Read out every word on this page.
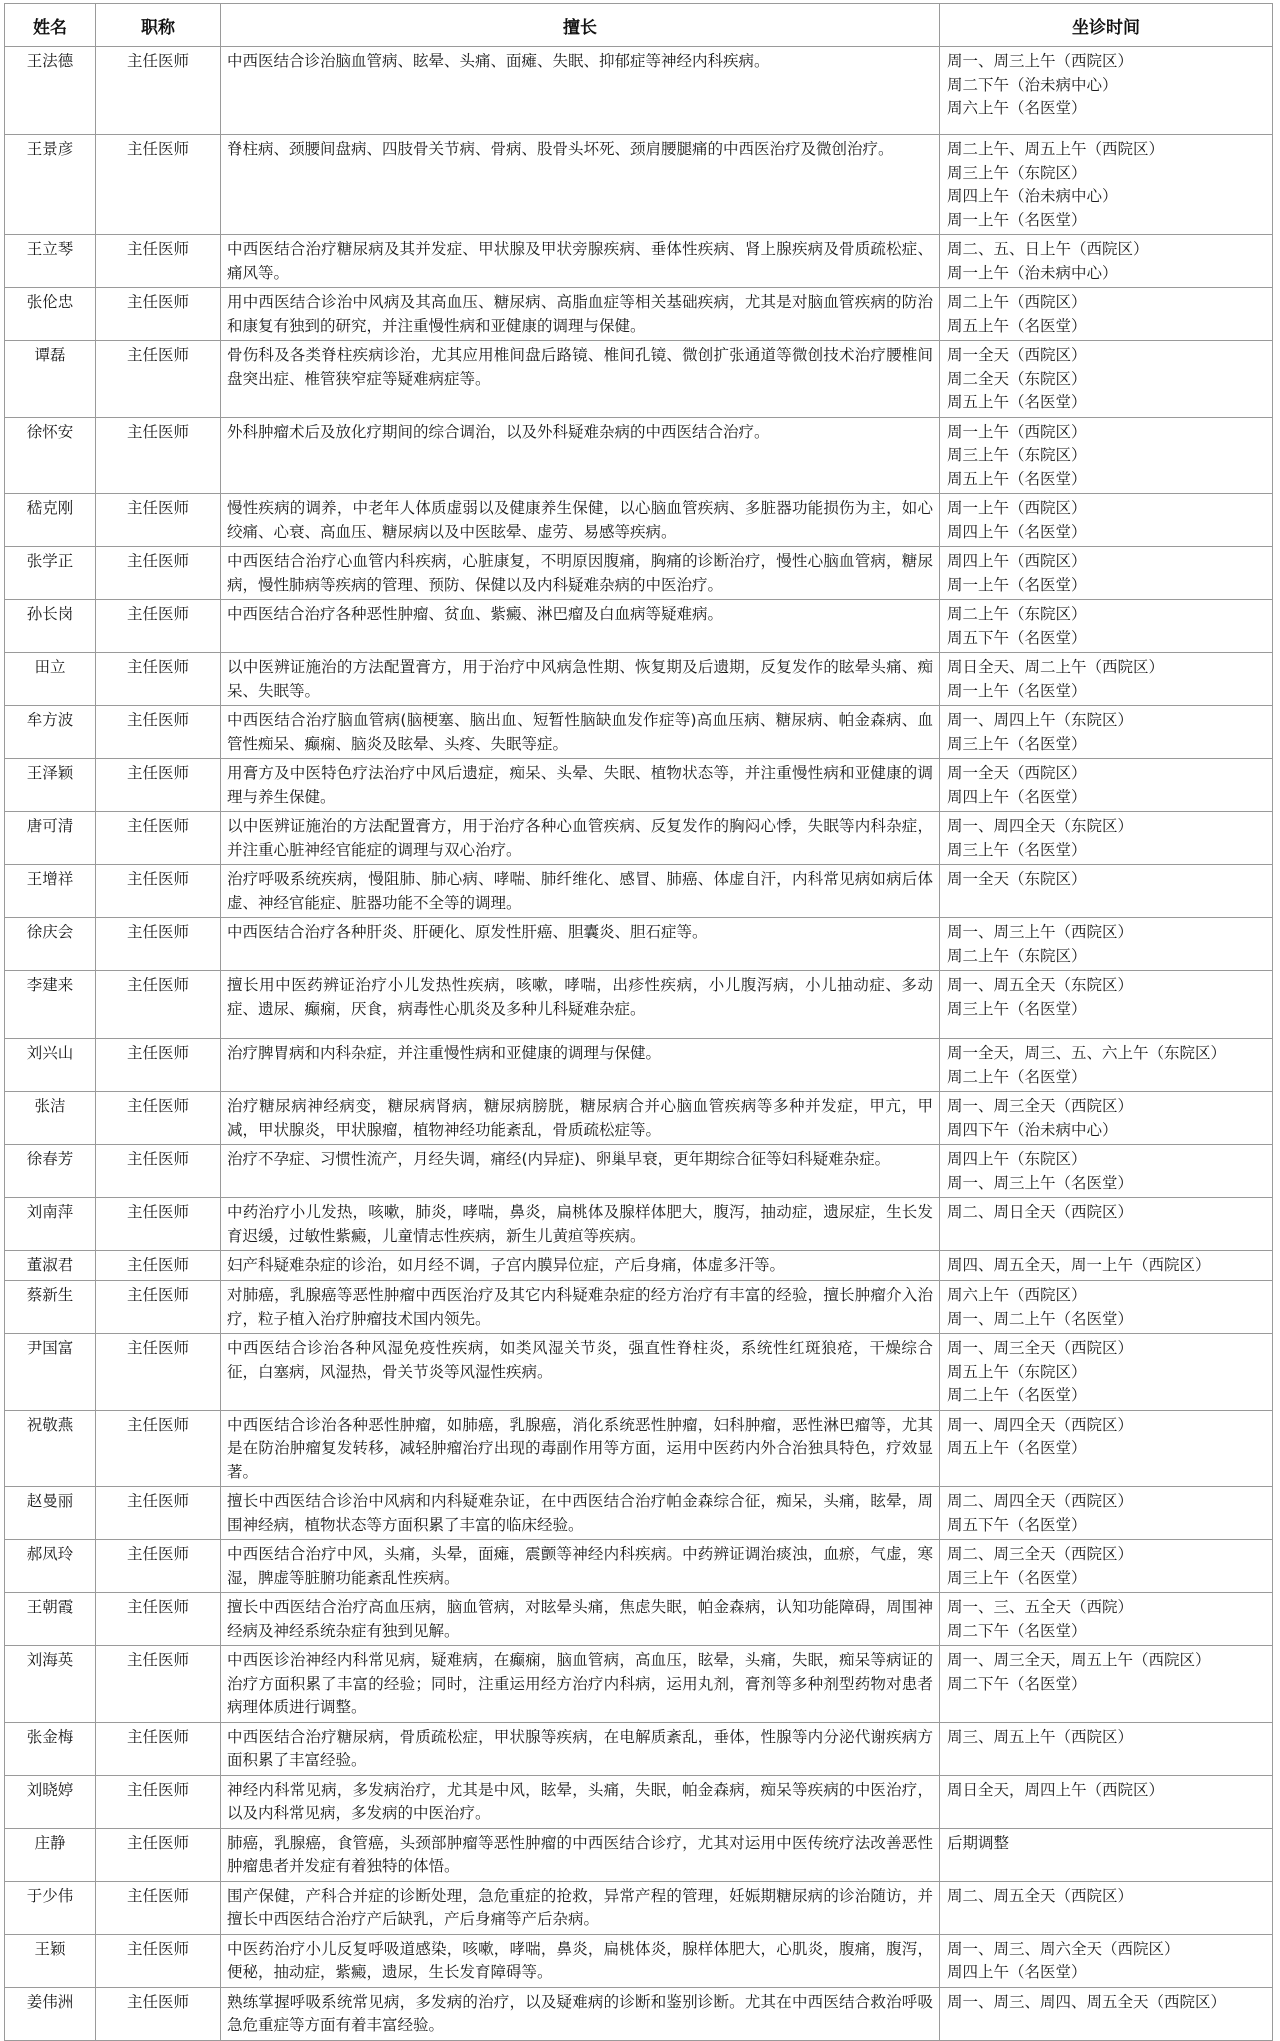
姓名	职称	擅长	坐诊时间
王法德	主任医师	中西医结合诊治脑血管病、眩晕、头痛、面瘫、失眠、抑郁症等神经内科疾病。	周一、周三上午（西院区）
周二下午（治未病中心）
周六上午（名医堂）

王景彦	主任医师	脊柱病、颈腰间盘病、四肢骨关节病、骨病、股骨头坏死、颈肩腰腿痛的中西医治疗及微创治疗。	周二上午、周五上午（西院区）
周三上午（东院区）
周四上午（治未病中心）
周一上午（名医堂）

王立琴	主任医师	中西医结合治疗糖尿病及其并发症、甲状腺及甲状旁腺疾病、垂体性疾病、肾上腺疾病及骨质疏松症、痛风等。	周二、五、日上午（西院区）
周一上午（治未病中心）

张伦忠	主任医师	用中西医结合诊治中风病及其高血压、糖尿病、高脂血症等相关基础疾病，尤其是对脑血管疾病的防治和康复有独到的研究，并注重慢性病和亚健康的调理与保健。	周二上午（西院区）
周五上午（名医堂）

谭磊	主任医师	骨伤科及各类脊柱疾病诊治，尤其应用椎间盘后路镜、椎间孔镜、微创扩张通道等微创技术治疗腰椎间盘突出症、椎管狭窄症等疑难病症等。	周一全天（西院区）
周二全天（东院区）
周五上午（名医堂）

徐怀安	主任医师	外科肿瘤术后及放化疗期间的综合调治，以及外科疑难杂病的中西医结合治疗。	周一上午（西院区）
周三上午（东院区）
周五上午（名医堂）

嵇克刚	主任医师	慢性疾病的调养，中老年人体质虚弱以及健康养生保健，以心脑血管疾病、多脏器功能损伤为主，如心绞痛、心衰、高血压、糖尿病以及中医眩晕、虚劳、易感等疾病。	周一上午（西院区）
周四上午（名医堂）

张学正	主任医师	中西医结合治疗心血管内科疾病，心脏康复，不明原因腹痛，胸痛的诊断治疗，慢性心脑血管病，糖尿病，慢性肺病等疾病的管理、预防、保健以及内科疑难杂病的中医治疗。	周四上午（西院区）
周一上午（名医堂）

孙长岗	主任医师	中西医结合治疗各种恶性肿瘤、贫血、紫癜、淋巴瘤及白血病等疑难病。	周二上午（东院区）
周五下午（名医堂）

田立	主任医师	以中医辨证施治的方法配置膏方，用于治疗中风病急性期、恢复期及后遗期，反复发作的眩晕头痛、痴呆、失眠等。	周日全天、周二上午（西院区）
周一上午（名医堂）

牟方波	主任医师	中西医结合治疗脑血管病(脑梗塞、脑出血、短暂性脑缺血发作症等)高血压病、糖尿病、帕金森病、血管性痴呆、癫痫、脑炎及眩晕、头疼、失眠等症。	周一、周四上午（东院区）
周三上午（名医堂）

王泽颖	主任医师	用膏方及中医特色疗法治疗中风后遗症，痴呆、头晕、失眠、植物状态等，并注重慢性病和亚健康的调理与养生保健。	周一全天（西院区）
周四上午（名医堂）

唐可清	主任医师	以中医辨证施治的方法配置膏方，用于治疗各种心血管疾病、反复发作的胸闷心悸，失眠等内科杂症，并注重心脏神经官能症的调理与双心治疗。	周一、周四全天（东院区）
周三上午（名医堂）

王增祥	主任医师	治疗呼吸系统疾病，慢阻肺、肺心病、哮喘、肺纤维化、感冒、肺癌、体虚自汗，内科常见病如病后体虚、神经官能症、脏器功能不全等的调理。	周一全天（东院区）

徐庆会	主任医师	中西医结合治疗各种肝炎、肝硬化、原发性肝癌、胆囊炎、胆石症等。	周一、周三上午（西院区）
周二上午（东院区）

李建来	主任医师	擅长用中医药辨证治疗小儿发热性疾病，咳嗽，哮喘，出疹性疾病，小儿腹泻病，小儿抽动症、多动症、遗尿、癫痫，厌食，病毒性心肌炎及多种儿科疑难杂症。	周一、周五全天（东院区）
周三上午（名医堂）

刘兴山	主任医师	治疗脾胃病和内科杂症，并注重慢性病和亚健康的调理与保健。	周一全天，周三、五、六上午（东院区）
周二上午（名医堂）

张洁	主任医师	治疗糖尿病神经病变，糖尿病肾病，糖尿病膀胱，糖尿病合并心脑血管疾病等多种并发症，甲亢，甲减，甲状腺炎，甲状腺瘤，植物神经功能紊乱，骨质疏松症等。	周一、周三全天（西院区）
周四下午（治未病中心）

徐春芳	主任医师	治疗不孕症、习惯性流产，月经失调，痛经(内异症)、卵巢早衰，更年期综合征等妇科疑难杂症。	周四上午（东院区）
周一、周三上午（名医堂）

刘南萍	主任医师	中药治疗小儿发热，咳嗽，肺炎，哮喘，鼻炎，扁桃体及腺样体肥大，腹泻，抽动症，遗尿症，生长发育迟缓，过敏性紫癜，儿童情志性疾病，新生儿黄疸等疾病。	周二、周日全天（西院区）

董淑君	主任医师	妇产科疑难杂症的诊治，如月经不调，子宫内膜异位症，产后身痛，体虚多汗等。	周四、周五全天，周一上午（西院区）

蔡新生	主任医师	对肺癌，乳腺癌等恶性肿瘤中西医治疗及其它内科疑难杂症的经方治疗有丰富的经验，擅长肿瘤介入治疗，粒子植入治疗肿瘤技术国内领先。	周六上午（西院区）
周一、周二上午（名医堂）

尹国富	主任医师	中西医结合诊治各种风湿免疫性疾病，如类风湿关节炎，强直性脊柱炎，系统性红斑狼疮，干燥综合征，白塞病，风湿热，骨关节炎等风湿性疾病。	周一、周三全天（西院区）
周五上午（东院区）
周二上午（名医堂）

祝敬燕	主任医师	中西医结合诊治各种恶性肿瘤，如肺癌，乳腺癌，消化系统恶性肿瘤，妇科肿瘤，恶性淋巴瘤等，尤其是在防治肿瘤复发转移，减轻肿瘤治疗出现的毒副作用等方面，运用中医药内外合治独具特色，疗效显著。	周一、周四全天（西院区）
周五上午（名医堂）

赵曼丽	主任医师	擅长中西医结合诊治中风病和内科疑难杂证，在中西医结合治疗帕金森综合征，痴呆，头痛，眩晕，周围神经病，植物状态等方面积累了丰富的临床经验。	周二、周四全天（西院区）
周五下午（名医堂）

郝凤玲	主任医师	中西医结合治疗中风，头痛，头晕，面瘫，震颤等神经内科疾病。中药辨证调治痰浊，血瘀，气虚，寒湿，脾虚等脏腑功能紊乱性疾病。	周二、周三全天（西院区）
周三上午（名医堂）

王朝霞	主任医师	擅长中西医结合治疗高血压病，脑血管病，对眩晕头痛，焦虑失眠，帕金森病，认知功能障碍，周围神经病及神经系统杂症有独到见解。	周一、三、五全天（西院）
周二下午（名医堂）

刘海英	主任医师	中西医诊治神经内科常见病，疑难病，在癫痫，脑血管病，高血压，眩晕，头痛，失眠，痴呆等病证的治疗方面积累了丰富的经验；同时，注重运用经方治疗内科病，运用丸剂，膏剂等多种剂型药物对患者病理体质进行调整。	周一、周三全天，周五上午（西院区）
周二下午（名医堂）

张金梅	主任医师	中西医结合治疗糖尿病，骨质疏松症，甲状腺等疾病，在电解质紊乱，垂体，性腺等内分泌代谢疾病方面积累了丰富经验。	周三、周五上午（西院区）

刘晓婷	主任医师	神经内科常见病，多发病治疗，尤其是中风，眩晕，头痛，失眠，帕金森病，痴呆等疾病的中医治疗，以及内科常见病，多发病的中医治疗。	周日全天，周四上午（西院区）

庄静	主任医师	肺癌，乳腺癌，食管癌，头颈部肿瘤等恶性肿瘤的中西医结合诊疗，尤其对运用中医传统疗法改善恶性肿瘤患者并发症有着独特的体悟。	后期调整

于少伟	主任医师	围产保健，产科合并症的诊断处理，急危重症的抢救，异常产程的管理，妊娠期糖尿病的诊治随访，并擅长中西医结合治疗产后缺乳，产后身痛等产后杂病。	周二、周五全天（西院区）

王颖	主任医师	中医药治疗小儿反复呼吸道感染，咳嗽，哮喘，鼻炎，扁桃体炎，腺样体肥大，心肌炎，腹痛，腹泻，便秘，抽动症，紫癜，遗尿，生长发育障碍等。	周一、周三、周六全天（西院区）
周四上午（名医堂）

姜伟洲	主任医师	熟练掌握呼吸系统常见病，多发病的治疗，以及疑难病的诊断和鉴别诊断。尤其在中西医结合救治呼吸急危重症等方面有着丰富经验。	周一、周三、周四、周五全天（西院区）
